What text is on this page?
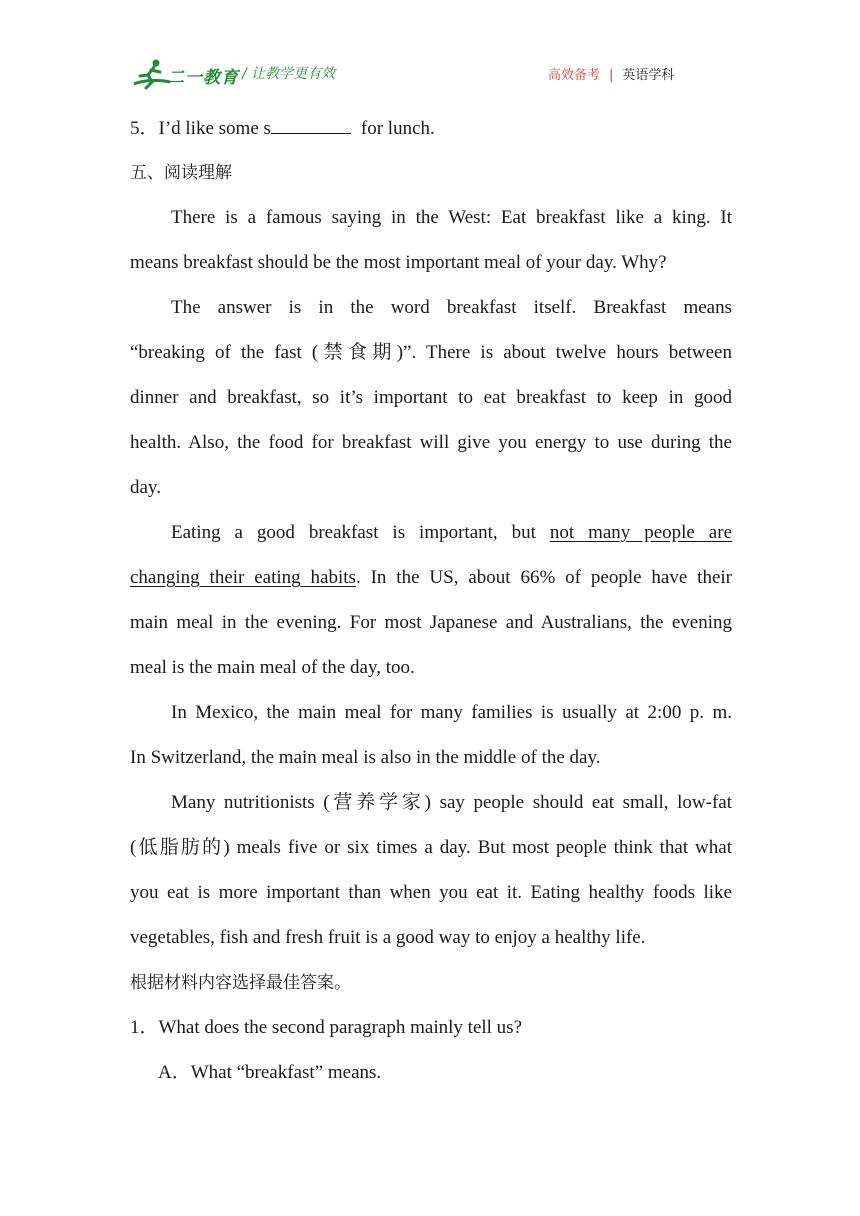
二一教育 / 让教学更有效	高效备考 | 英语学科
5．I’d like some s	for lunch.
五、阅读理解
There is a famous saying in the West: Eat breakfast like a king. It
means breakfast should be the most important meal of your day. Why?
The answer is in the word breakfast itself. Breakfast means
“breaking of the fast (禁食期)”. There is about twelve hours between
dinner and breakfast, so it’s important to eat breakfast to keep in good
health. Also, the food for breakfast will give you energy to use during the
day.
Eating a good breakfast is important, but not many people are
changing their eating habits. In the US, about 66% of people have their
main meal in the evening. For most Japanese and Australians, the evening
meal is the main meal of the day, too.
In Mexico, the main meal for many families is usually at 2:00 p. m.
In Switzerland, the main meal is also in the middle of the day.
Many nutritionists (营养学家) say people should eat small, low-fat
(低脂肪的) meals five or six times a day. But most people think that what
you eat is more important than when you eat it. Eating healthy foods like
vegetables, fish and fresh fruit is a good way to enjoy a healthy life.
根据材料内容选择最佳答案。
1．What does the second paragraph mainly tell us?
A．What “breakfast” means.
